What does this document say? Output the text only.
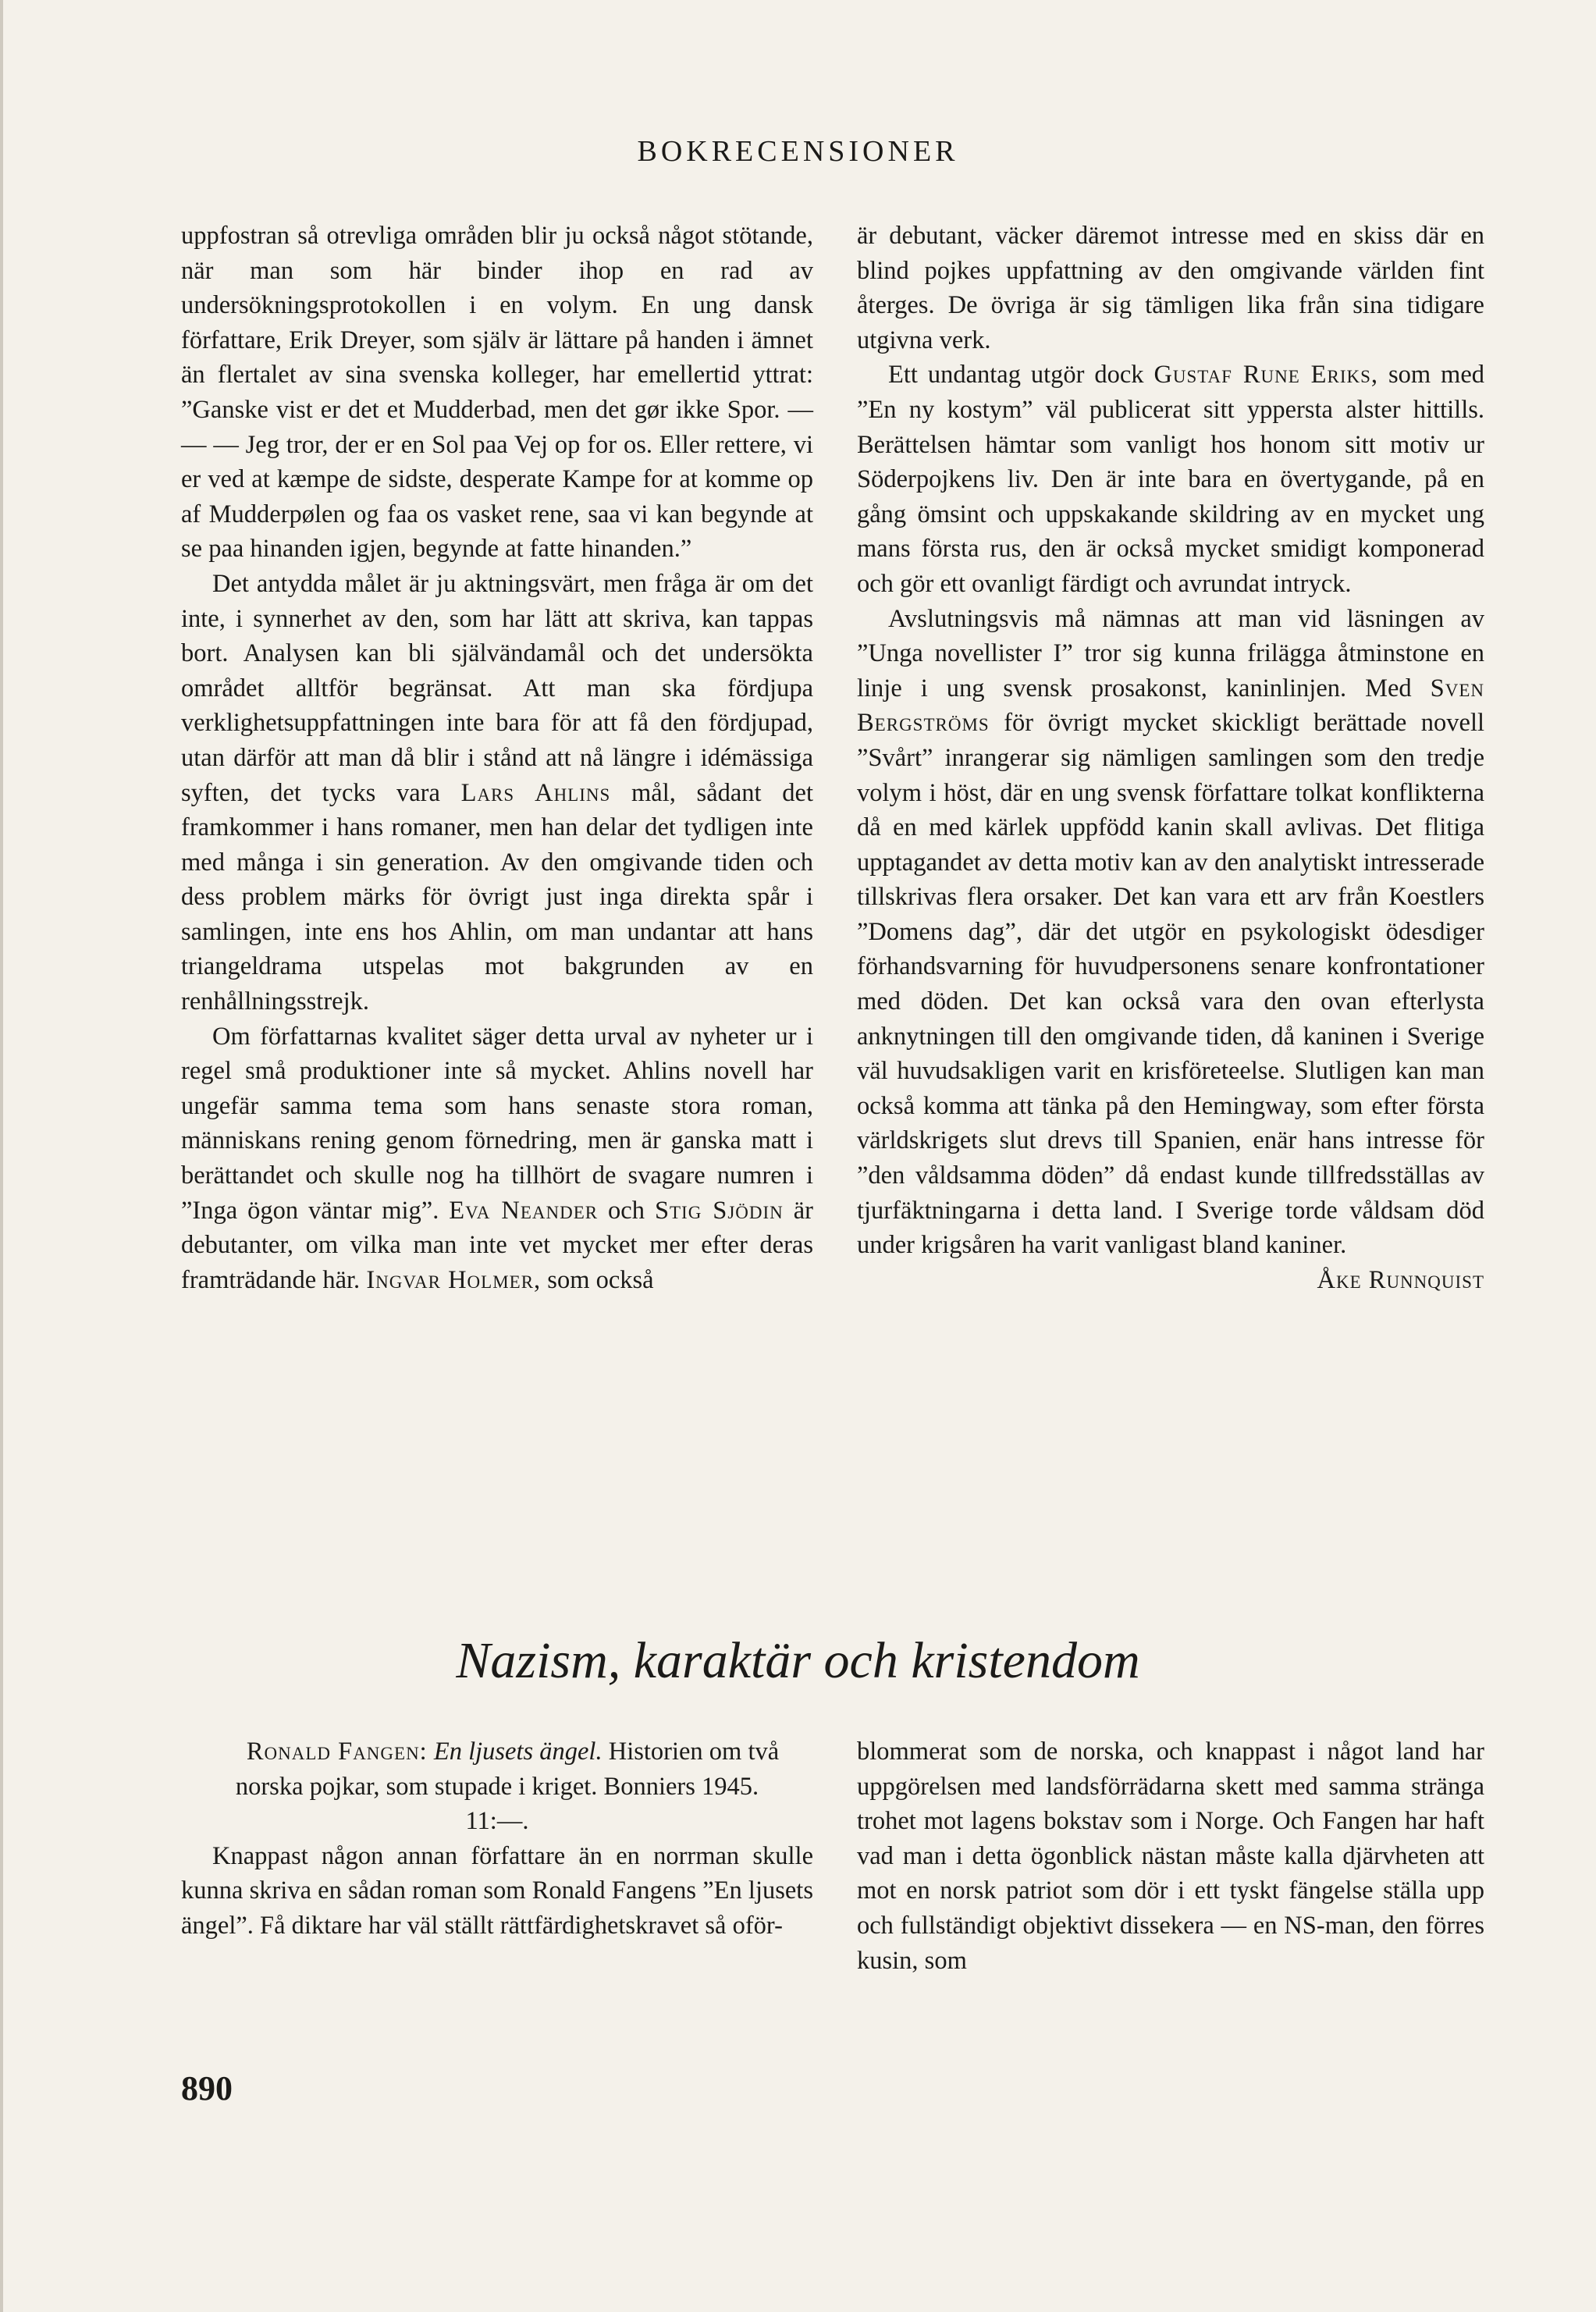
BOKRECENSIONER

uppfostran så otrevliga områden blir ju också något stötande, när man som här binder ihop en rad av undersökningsprotokollen i en volym. En ung dansk författare, Erik Dreyer, som själv är lättare på handen i ämnet än flertalet av sina svenska kolleger, har emellertid yttrat: ”Ganske vist er det et Mudderbad, men det gør ikke Spor. — — — Jeg tror, der er en Sol paa Vej op for os. Eller rettere, vi er ved at kæmpe de sidste, desperate Kampe for at komme op af Mudderpølen og faa os vasket rene, saa vi kan begynde at se paa hinanden igjen, begynde at fatte hinanden.”

Det antydda målet är ju aktningsvärt, men fråga är om det inte, i synnerhet av den, som har lätt att skriva, kan tappas bort. Analysen kan bli självändamål och det undersökta området alltför begränsat. Att man ska fördjupa verklighetsuppfattningen inte bara för att få den fördjupad, utan därför att man då blir i stånd att nå längre i idémässiga syften, det tycks vara Lars Ahlins mål, sådant det framkommer i hans romaner, men han delar det tydligen inte med många i sin generation. Av den omgivande tiden och dess problem märks för övrigt just inga direkta spår i samlingen, inte ens hos Ahlin, om man undantar att hans triangeldrama utspelas mot bakgrunden av en renhållningsstrejk.

Om författarnas kvalitet säger detta urval av nyheter ur i regel små produktioner inte så mycket. Ahlins novell har ungefär samma tema som hans senaste stora roman, människans rening genom förnedring, men är ganska matt i berättandet och skulle nog ha tillhört de svagare numren i ”Inga ögon väntar mig”. Eva Neander och Stig Sjödin är debutanter, om vilka man inte vet mycket mer efter deras framträdande här. Ingvar Holmer, som också

är debutant, väcker däremot intresse med en skiss där en blind pojkes uppfattning av den omgivande världen fint återges. De övriga är sig tämligen lika från sina tidigare utgivna verk.

Ett undantag utgör dock Gustaf Rune Eriks, som med ”En ny kostym” väl publicerat sitt yppersta alster hittills. Berättelsen hämtar som vanligt hos honom sitt motiv ur Söderpojkens liv. Den är inte bara en övertygande, på en gång ömsint och uppskakande skildring av en mycket ung mans första rus, den är också mycket smidigt komponerad och gör ett ovanligt färdigt och avrundat intryck.

Avslutningsvis må nämnas att man vid läsningen av ”Unga novellister I” tror sig kunna frilägga åtminstone en linje i ung svensk prosakonst, kaninlinjen. Med Sven Bergströms för övrigt mycket skickligt berättade novell ”Svårt” inrangerar sig nämligen samlingen som den tredje volym i höst, där en ung svensk författare tolkat konflikterna då en med kärlek uppfödd kanin skall avlivas. Det flitiga upptagandet av detta motiv kan av den analytiskt intresserade tillskrivas flera orsaker. Det kan vara ett arv från Koestlers ”Domens dag”, där det utgör en psykologiskt ödesdiger förhandsvarning för huvudpersonens senare konfrontationer med döden. Det kan också vara den ovan efterlysta anknytningen till den omgivande tiden, då kaninen i Sverige väl huvudsakligen varit en krisföreteelse. Slutligen kan man också komma att tänka på den Hemingway, som efter första världskrigets slut drevs till Spanien, enär hans intresse för ”den våldsamma döden” då endast kunde tillfredsställas av tjurfäktningarna i detta land. I Sverige torde våldsam död under krigsåren ha varit vanligast bland kaniner.

Åke Runnquist

Nazism, karaktär och kristendom

Ronald Fangen: En ljusets ängel. Historien om två norska pojkar, som stupade i kriget. Bonniers 1945.
11:—.

Knappast någon annan författare än en norrman skulle kunna skriva en sådan roman som Ronald Fangens ”En ljusets ängel”. Få diktare har väl ställt rättfärdighetskravet så oför-

blommerat som de norska, och knappast i något land har uppgörelsen med landsförrädarna skett med samma stränga trohet mot lagens bokstav som i Norge. Och Fangen har haft vad man i detta ögonblick nästan måste kalla djärvheten att mot en norsk patriot som dör i ett tyskt fängelse ställa upp och fullständigt objektivt dissekera — en NS-man, den förres kusin, som

890
